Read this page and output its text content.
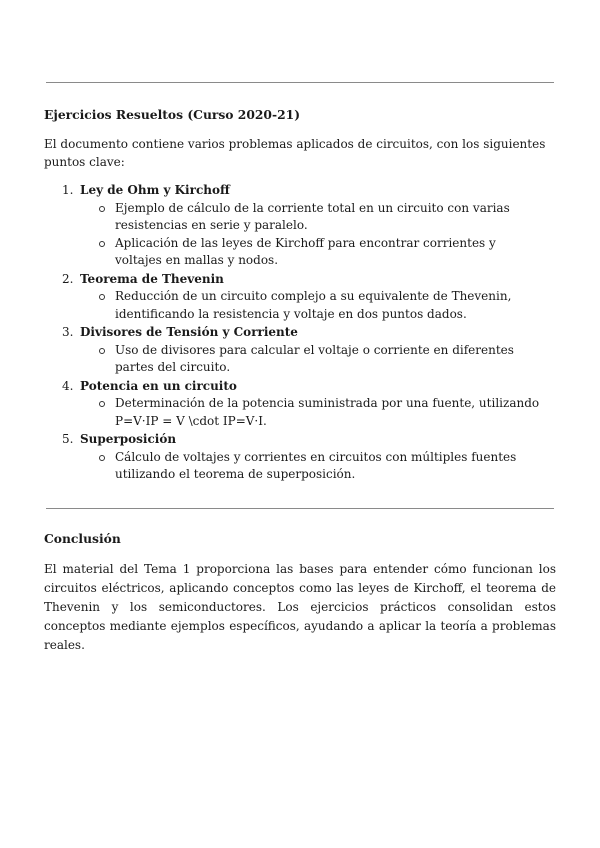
Ejercicios Resueltos (Curso 2020-21)

El documento contiene varios problemas aplicados de circuitos, con los siguientes puntos clave:

1. Ley de Ohm y Kirchoff
Ejemplo de cálculo de la corriente total en un circuito con varias resistencias en serie y paralelo.
Aplicación de las leyes de Kirchoff para encontrar corrientes y voltajes en mallas y nodos.
2. Teorema de Thevenin
Reducción de un circuito complejo a su equivalente de Thevenin, identificando la resistencia y voltaje en dos puntos dados.
3. Divisores de Tensión y Corriente
Uso de divisores para calcular el voltaje o corriente en diferentes partes del circuito.
4. Potencia en un circuito
Determinación de la potencia suministrada por una fuente, utilizando P=V·IP = V \cdot IP=V·I.
5. Superposición
Cálculo de voltajes y corrientes en circuitos con múltiples fuentes utilizando el teorema de superposición.
Conclusión

El material del Tema 1 proporciona las bases para entender cómo funcionan los circuitos eléctricos, aplicando conceptos como las leyes de Kirchoff, el teorema de Thevenin y los semiconductores. Los ejercicios prácticos consolidan estos conceptos mediante ejemplos específicos, ayudando a aplicar la teoría a problemas reales.
